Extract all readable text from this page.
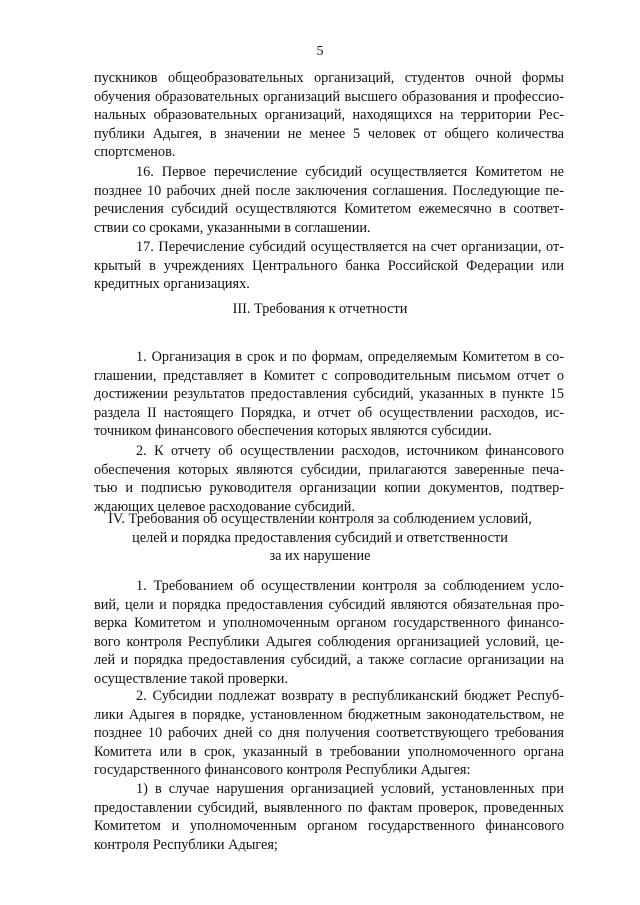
5
пускников общеобразовательных организаций, студентов очной формы
обучения образовательных организаций высшего образования и профессио-
нальных образовательных организаций, находящихся на территории Рес-
публики Адыгея, в значении не менее 5 человек от общего количества
спортсменов.
16. Первое перечисление субсидий осуществляется Комитетом не
позднее 10 рабочих дней после заключения соглашения. Последующие пе-
речисления субсидий осуществляются Комитетом ежемесячно в соответ-
ствии со сроками, указанными в соглашении.
17. Перечисление субсидий осуществляется на счет организации, от-
крытый в учреждениях Центрального банка Российской Федерации или
кредитных организациях.
III. Требования к отчетности
1. Организация в срок и по формам, определяемым Комитетом в со-
глашении, представляет в Комитет с сопроводительным письмом отчет о
достижении результатов предоставления субсидий, указанных в пункте 15
раздела II настоящего Порядка, и отчет об осуществлении расходов, ис-
точником финансового обеспечения которых являются субсидии.
2. К отчету об осуществлении расходов, источником финансового
обеспечения которых являются субсидии, прилагаются заверенные печа-
тью и подписью руководителя организации копии документов, подтвер-
ждающих целевое расходование субсидий.
IV. Требования об осуществлении контроля за соблюдением условий,
целей и порядка предоставления субсидий и ответственности
за их нарушение
1. Требованием об осуществлении контроля за соблюдением усло-
вий, цели и порядка предоставления субсидий являются обязательная про-
верка Комитетом и уполномоченным органом государственного финансо-
вого контроля Республики Адыгея соблюдения организацией условий, це-
лей и порядка предоставления субсидий, а также согласие организации на
осуществление такой проверки.
2. Субсидии подлежат возврату в республиканский бюджет Респуб-
лики Адыгея в порядке, установленном бюджетным законодательством, не
позднее 10 рабочих дней со дня получения соответствующего требования
Комитета или в срок, указанный в требовании уполномоченного органа
государственного финансового контроля Республики Адыгея:
1) в случае нарушения организацией условий, установленных при
предоставлении субсидий, выявленного по фактам проверок, проведенных
Комитетом и уполномоченным органом государственного финансового
контроля Республики Адыгея;
